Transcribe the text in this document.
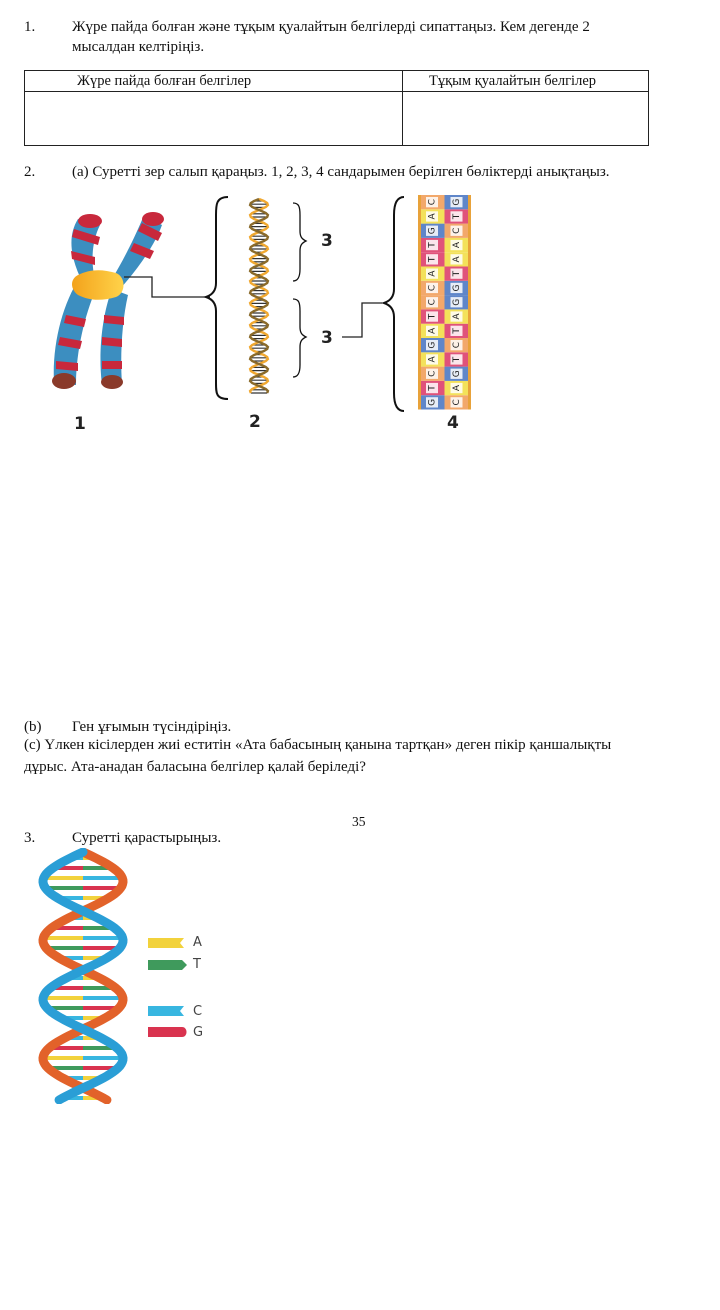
1. Жүре пайда болған және тұқым қуалайтын белгілерді сипаттаңыз. Кем дегенде 2
мысалдан келтіріңіз.
Жүре пайда болған белгілер	Тұқым қуалайтын белгілер

2. (а) Суретті зер салып қараңыз. 1, 2, 3, 4 сандарымен берілген бөліктерді анықтаңыз.
G C
T A
C G
A T
G C
A T
T A
C G
C G
A T
T A
T A
G C
A T
C G
3
3
1	2	4
(b) Ген ұғымын түсіндіріңіз.
(c) Үлкен кісілерден жиі еститін «Ата бабасының қанына тартқан» деген пікір қаншалықты
дұрыс. Ата-анадан баласына белгілер қалай беріледі?
35
3. Суретті қарастырыңыз.
A
T
C
G
